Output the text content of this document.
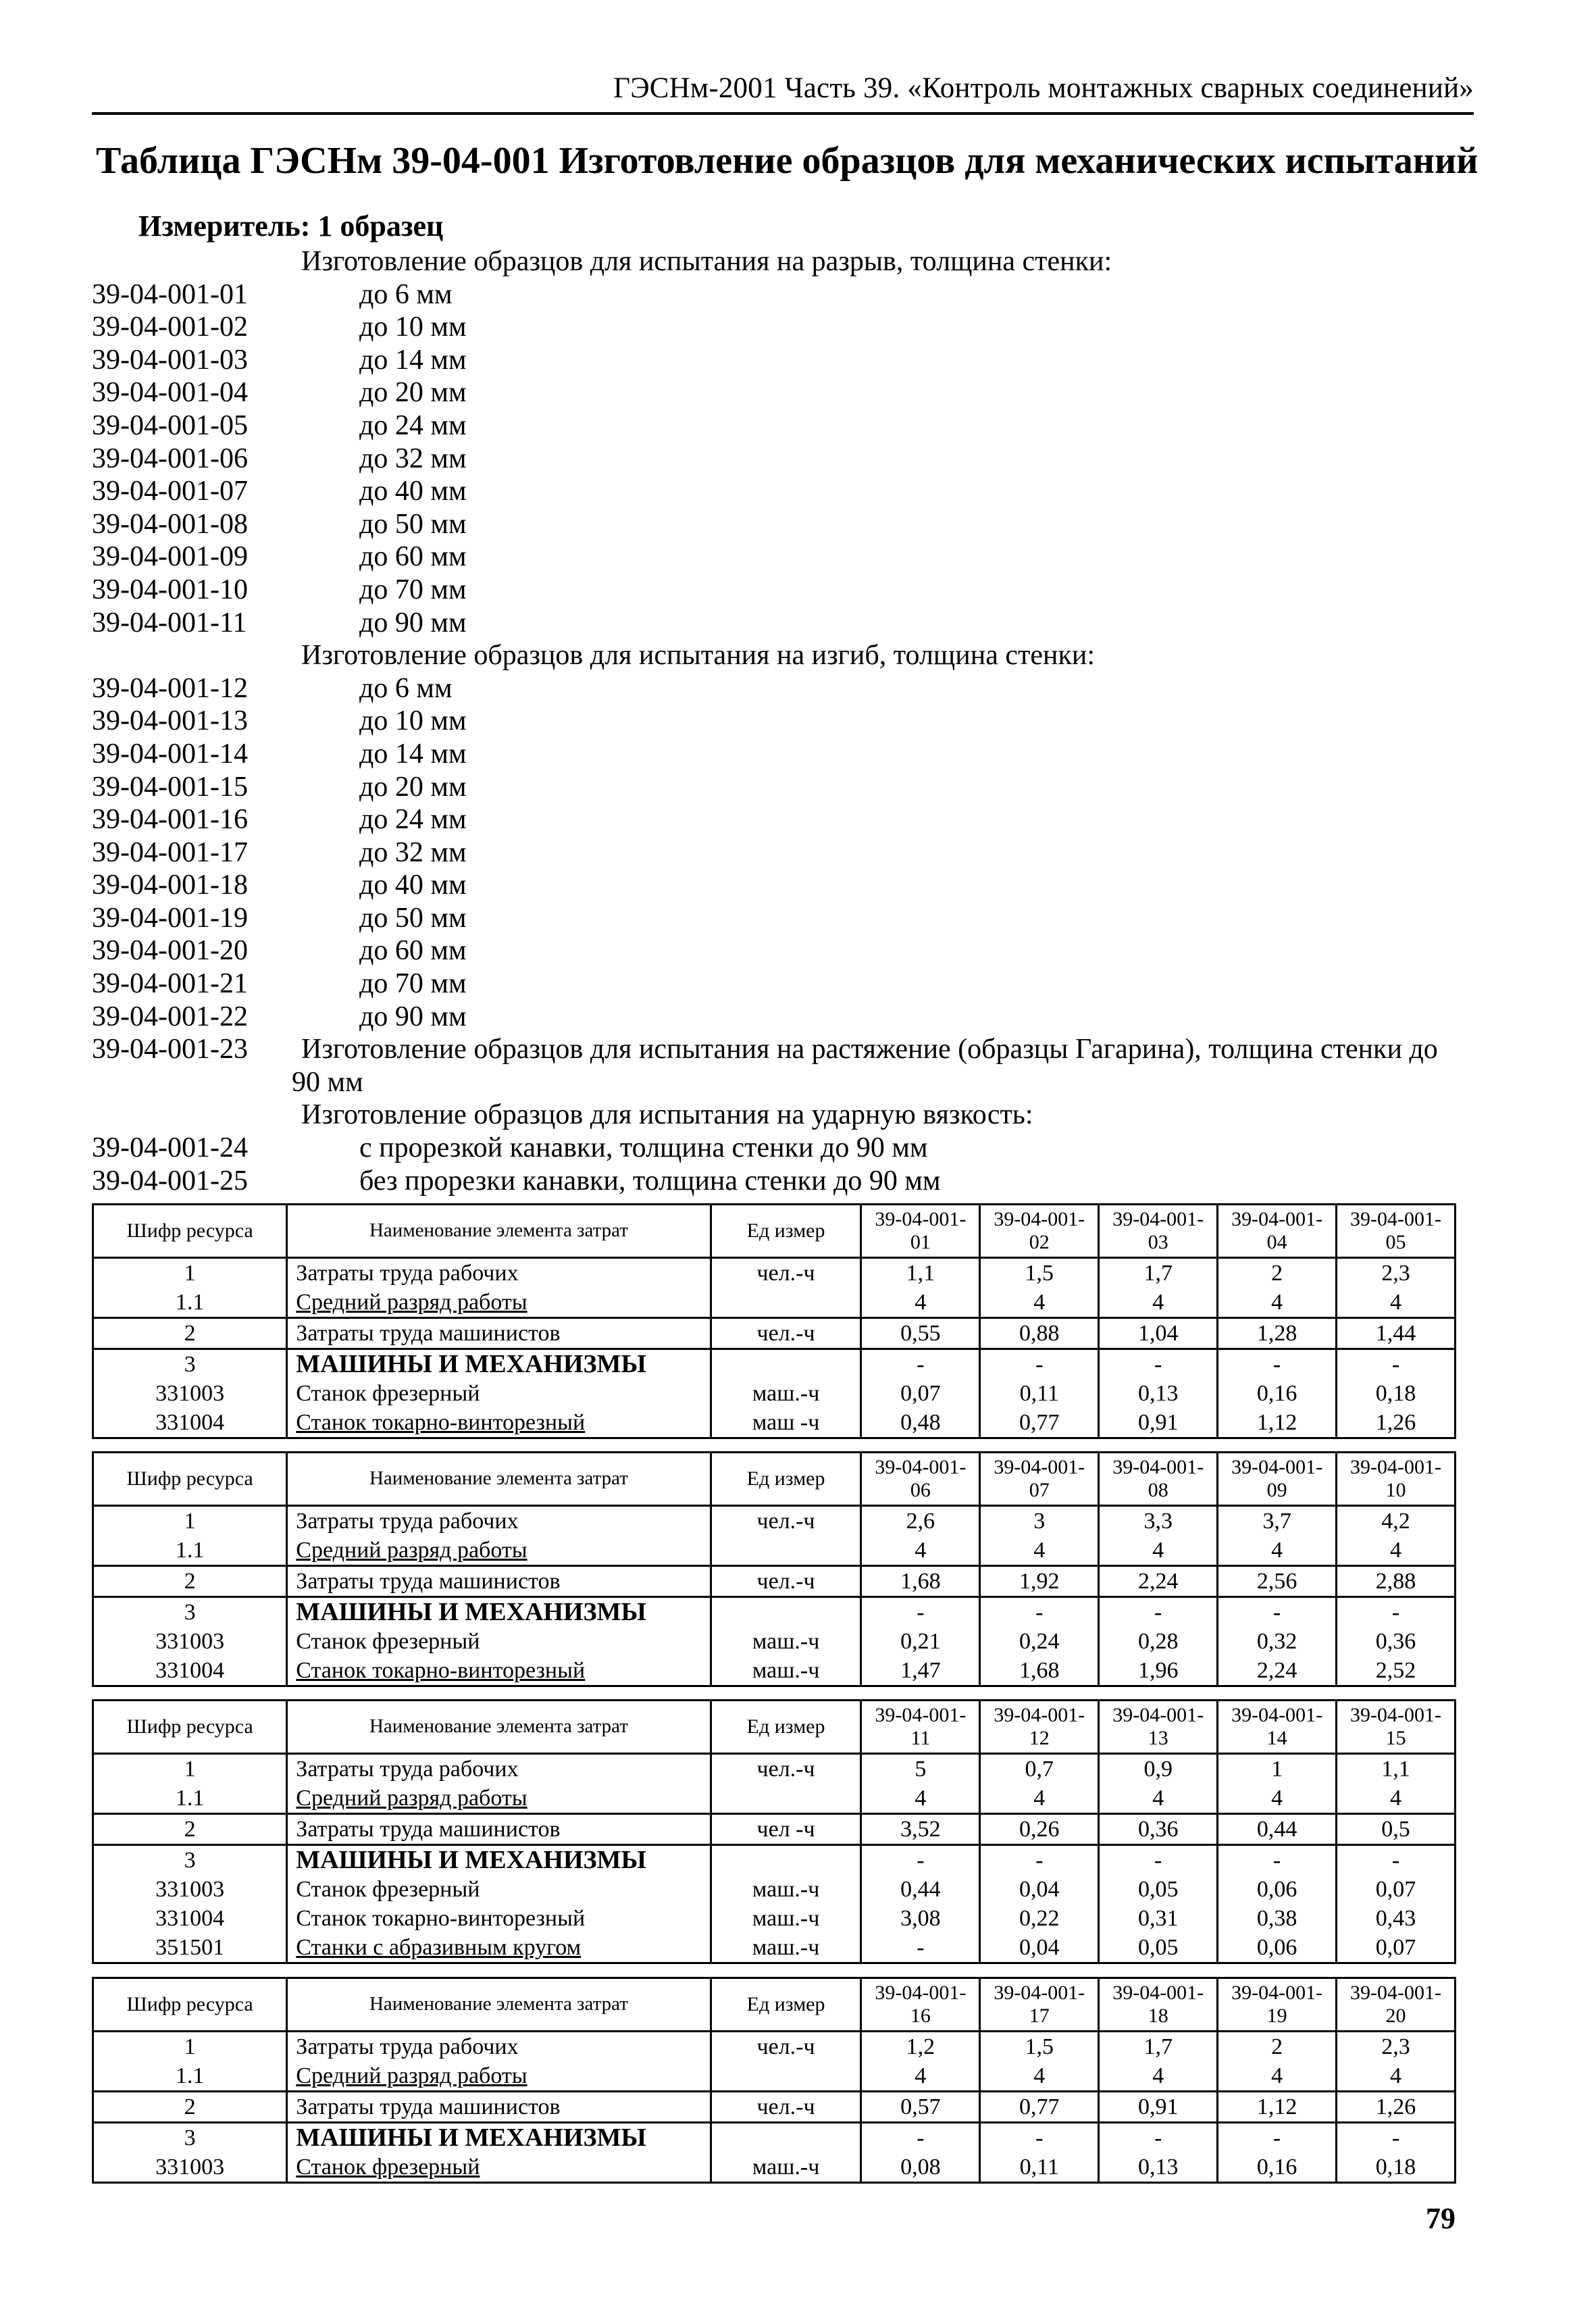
ГЭСНм-2001 Часть 39. «Контроль монтажных сварных соединений»
Таблица ГЭСНм 39-04-001 Изготовление образцов для механических испытаний
Измеритель: 1 образец
Изготовление образцов для испытания на разрыв, толщина стенки:
39-04-001-01	до 6 мм
39-04-001-02	до 10 мм
39-04-001-03	до 14 мм
39-04-001-04	до 20 мм
39-04-001-05	до 24 мм
39-04-001-06	до 32 мм
39-04-001-07	до 40 мм
39-04-001-08	до 50 мм
39-04-001-09	до 60 мм
39-04-001-10	до 70 мм
39-04-001-11	до 90 мм
Изготовление образцов для испытания на изгиб, толщина стенки:
39-04-001-12	до 6 мм
39-04-001-13	до 10 мм
39-04-001-14	до 14 мм
39-04-001-15	до 20 мм
39-04-001-16	до 24 мм
39-04-001-17	до 32 мм
39-04-001-18	до 40 мм
39-04-001-19	до 50 мм
39-04-001-20	до 60 мм
39-04-001-21	до 70 мм
39-04-001-22	до 90 мм
39-04-001-23 Изготовление образцов для испытания на растяжение (образцы Гагарина), толщина стенки до
90 мм
Изготовление образцов для испытания на ударную вязкость:
39-04-001-24	с прорезкой канавки, толщина стенки до 90 мм
39-04-001-25	без прорезки канавки, толщина стенки до 90 мм
Шифр ресурса	Наименование элемента затрат	Ед измер	39-04-001-01	39-04-001-02	39-04-001-03	39-04-001-04	39-04-001-05
1	Затраты труда рабочих	чел.-ч	1,1	1,5	1,7	2	2,3
1.1	Средний разряд работы		4	4	4	4	4
2	Затраты труда машинистов	чел.-ч	0,55	0,88	1,04	1,28	1,44
3	МАШИНЫ И МЕХАНИЗМЫ		-	-	-	-	-
331003	Станок фрезерный	маш.-ч	0,07	0,11	0,13	0,16	0,18
331004	Станок токарно-винторезный	маш -ч	0,48	0,77	0,91	1,12	1,26
Шифр ресурса	Наименование элемента затрат	Ед измер	39-04-001-06	39-04-001-07	39-04-001-08	39-04-001-09	39-04-001-10
1	Затраты труда рабочих	чел.-ч	2,6	3	3,3	3,7	4,2
1.1	Средний разряд работы		4	4	4	4	4
2	Затраты труда машинистов	чел.-ч	1,68	1,92	2,24	2,56	2,88
3	МАШИНЫ И МЕХАНИЗМЫ		-	-	-	-	-
331003	Станок фрезерный	маш.-ч	0,21	0,24	0,28	0,32	0,36
331004	Станок токарно-винторезный	маш.-ч	1,47	1,68	1,96	2,24	2,52
Шифр ресурса	Наименование элемента затрат	Ед измер	39-04-001-11	39-04-001-12	39-04-001-13	39-04-001-14	39-04-001-15
1	Затраты труда рабочих	чел.-ч	5	0,7	0,9	1	1,1
1.1	Средний разряд работы		4	4	4	4	4
2	Затраты труда машинистов	чел -ч	3,52	0,26	0,36	0,44	0,5
3	МАШИНЫ И МЕХАНИЗМЫ		-	-	-	-	-
331003	Станок фрезерный	маш.-ч	0,44	0,04	0,05	0,06	0,07
331004	Станок токарно-винторезный	маш.-ч	3,08	0,22	0,31	0,38	0,43
351501	Станки с абразивным кругом	маш.-ч	-	0,04	0,05	0,06	0,07
Шифр ресурса	Наименование элемента затрат	Ед измер	39-04-001-16	39-04-001-17	39-04-001-18	39-04-001-19	39-04-001-20
1	Затраты труда рабочих	чел.-ч	1,2	1,5	1,7	2	2,3
1.1	Средний разряд работы		4	4	4	4	4
2	Затраты труда машинистов	чел.-ч	0,57	0,77	0,91	1,12	1,26
3	МАШИНЫ И МЕХАНИЗМЫ		-	-	-	-	-
331003	Станок фрезерный	маш.-ч	0,08	0,11	0,13	0,16	0,18
79
